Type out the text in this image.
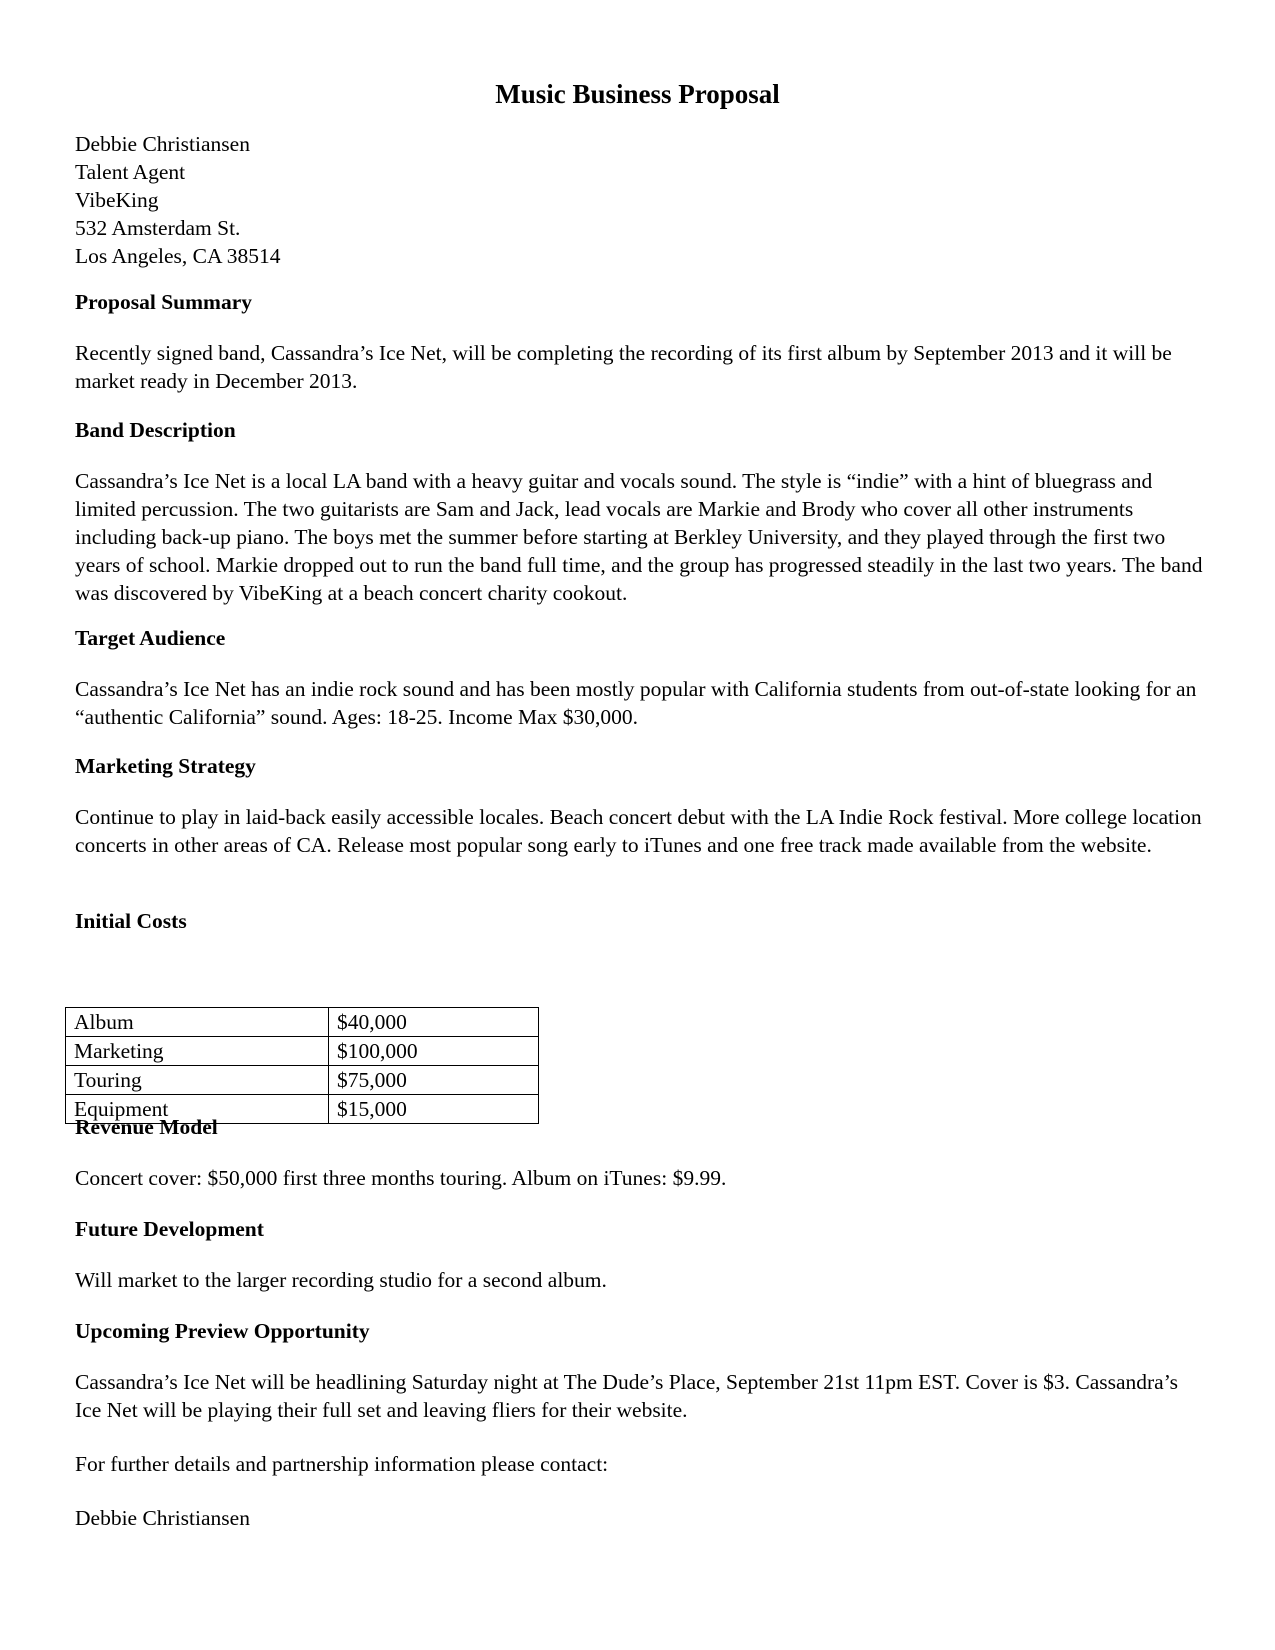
Music Business Proposal
Debbie Christiansen
Talent Agent
VibeKing
532 Amsterdam St.
Los Angeles, CA 38514
Proposal Summary

Recently signed band, Cassandra’s Ice Net, will be completing the recording of its first album by September 2013 and it will be market ready in December 2013.

Band Description

Cassandra’s Ice Net is a local LA band with a heavy guitar and vocals sound. The style is “indie” with a hint of bluegrass and limited percussion. The two guitarists are Sam and Jack, lead vocals are Markie and Brody who cover all other instruments including back-up piano. The boys met the summer before starting at Berkley University, and they played through the first two years of school. Markie dropped out to run the band full time, and the group has progressed steadily in the last two years. The band was discovered by VibeKing at a beach concert charity cookout.

Target Audience

Cassandra’s Ice Net has an indie rock sound and has been mostly popular with California students from out-of-state looking for an “authentic California” sound. Ages: 18-25. Income Max $30,000.

Marketing Strategy

Continue to play in laid-back easily accessible locales. Beach concert debut with the LA Indie Rock festival. More college location concerts in other areas of CA. Release most popular song early to iTunes and one free track made available from the website.

Initial Costs
Album	$40,000
Marketing	$100,000
Touring	$75,000
Equipment	$15,000
Revenue Model

Concert cover: $50,000 first three months touring. Album on iTunes: $9.99.

Future Development

Will market to the larger recording studio for a second album.

Upcoming Preview Opportunity

Cassandra’s Ice Net will be headlining Saturday night at The Dude’s Place, September 21st 11pm EST. Cover is $3. Cassandra’s Ice Net will be playing their full set and leaving fliers for their website.

For further details and partnership information please contact:

Debbie Christiansen
